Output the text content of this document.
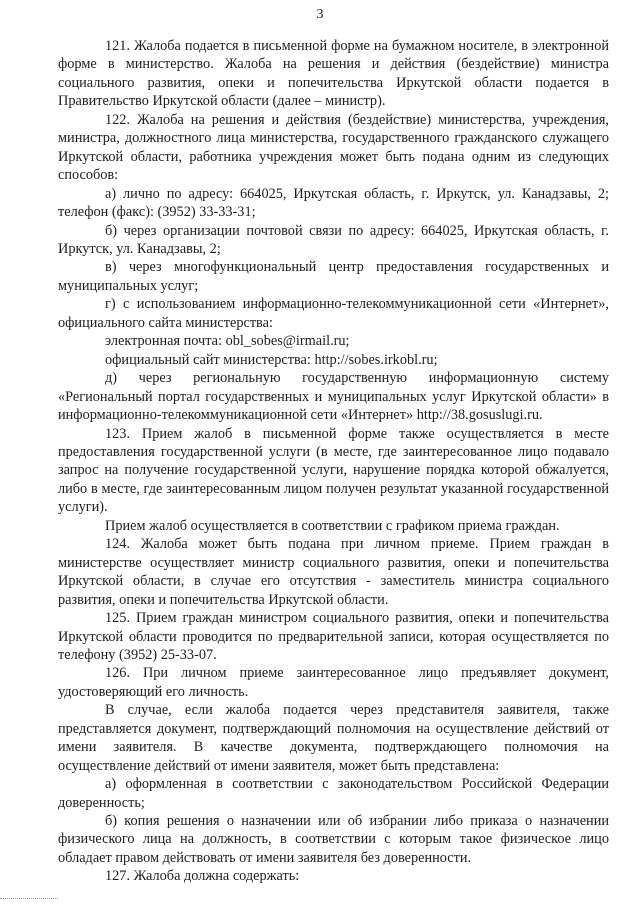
3

121. Жалоба подается в письменной форме на бумажном носителе, в электронной форме в министерство. Жалоба на решения и действия (бездействие) министра социального развития, опеки и попечительства Иркутской области подается в Правительство Иркутской области (далее – министр).

122. Жалоба на решения и действия (бездействие) министерства, учреждения, министра, должностного лица министерства, государственного гражданского служащего Иркутской области, работника учреждения может быть подана одним из следующих способов:

а) лично по адресу: 664025, Иркутская область, г. Иркутск, ул. Канадзавы, 2; телефон (факс): (3952) 33-33-31;

б) через организации почтовой связи по адресу: 664025, Иркутская область, г. Иркутск, ул. Канадзавы, 2;

в) через многофункциональный центр предоставления государственных и муниципальных услуг;

г) с использованием информационно-телекоммуникационной сети «Интернет», официального сайта министерства:

электронная почта: obl_sobes@irmail.ru;

официальный сайт министерства: http://sobes.irkobl.ru;

д) через региональную государственную информационную систему «Региональный портал государственных и муниципальных услуг Иркутской области» в информационно-телекоммуникационной сети «Интернет» http://38.gosuslugi.ru.

123. Прием жалоб в письменной форме также осуществляется в месте предоставления государственной услуги (в месте, где заинтересованное лицо подавало запрос на получение государственной услуги, нарушение порядка которой обжалуется, либо в месте, где заинтересованным лицом получен результат указанной государственной услуги).

Прием жалоб осуществляется в соответствии с графиком приема граждан.

124. Жалоба может быть подана при личном приеме. Прием граждан в министерстве осуществляет министр социального развития, опеки и попечительства Иркутской области, в случае его отсутствия - заместитель министра социального развития, опеки и попечительства Иркутской области.

125. Прием граждан министром социального развития, опеки и попечительства Иркутской области проводится по предварительной записи, которая осуществляется по телефону (3952) 25-33-07.

126. При личном приеме заинтересованное лицо предъявляет документ, удостоверяющий его личность.

В случае, если жалоба подается через представителя заявителя, также представляется документ, подтверждающий полномочия на осуществление действий от имени заявителя. В качестве документа, подтверждающего полномочия на осуществление действий от имени заявителя, может быть представлена:

а) оформленная в соответствии с законодательством Российской Федерации доверенность;

б) копия решения о назначении или об избрании либо приказа о назначении физического лица на должность, в соответствии с которым такое физическое лицо обладает правом действовать от имени заявителя без доверенности.

127. Жалоба должна содержать:
